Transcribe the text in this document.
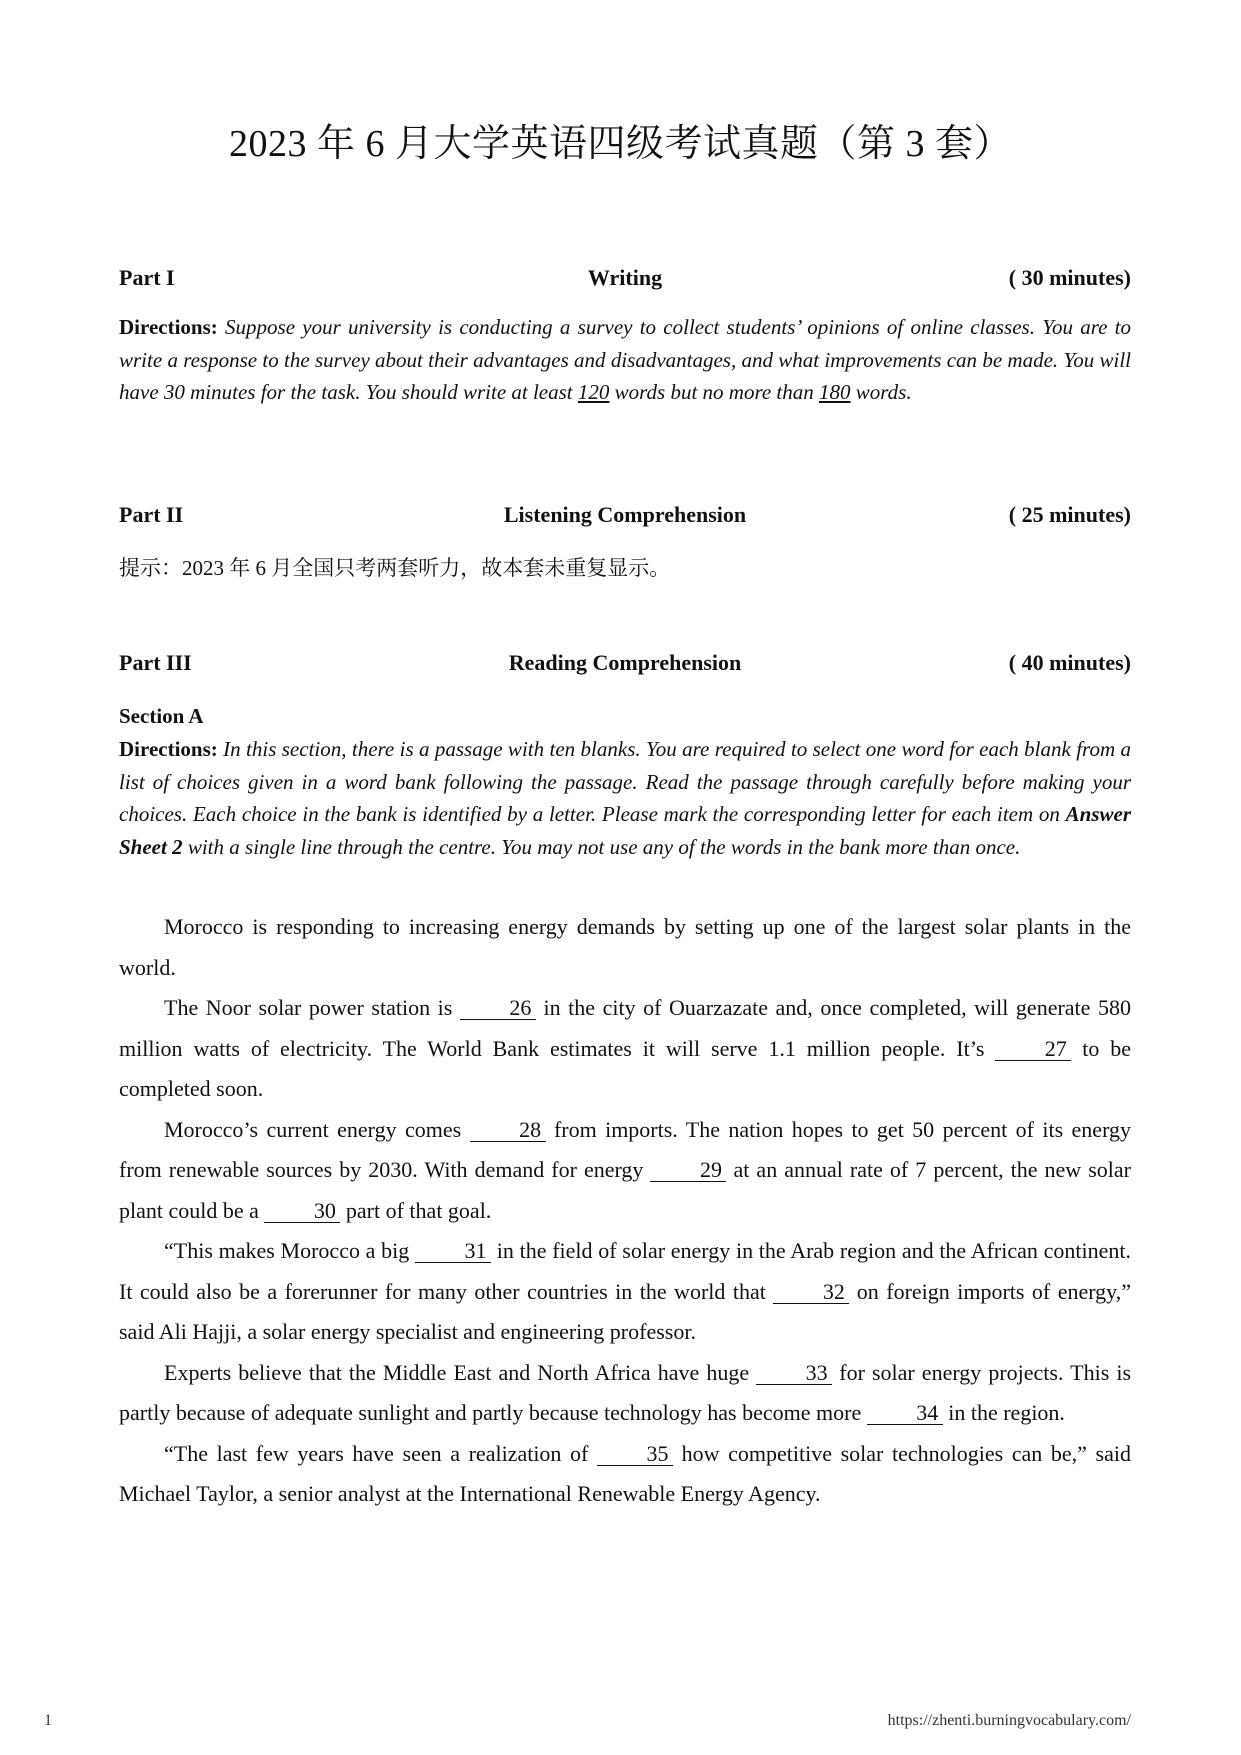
2023 年 6 月大学英语四级考试真题（第 3 套）
Part I	Writing	( 30 minutes)
Directions: Suppose your university is conducting a survey to collect students’ opinions of online classes. You are to write a response to the survey about their advantages and disadvantages, and what improvements can be made. You will have 30 minutes for the task. You should write at least 120 words but no more than 180 words.
Part II	Listening Comprehension	( 25 minutes)
提示：2023 年 6 月全国只考两套听力，故本套未重复显示。
Part III	Reading Comprehension	( 40 minutes)
Section A
Directions: In this section, there is a passage with ten blanks. You are required to select one word for each blank from a list of choices given in a word bank following the passage. Read the passage through carefully before making your choices. Each choice in the bank is identified by a letter. Please mark the corresponding letter for each item on Answer Sheet 2 with a single line through the centre. You may not use any of the words in the bank more than once.

Morocco is responding to increasing energy demands by setting up one of the largest solar plants in the world.

The Noor solar power station is 26 in the city of Ouarzazate and, once completed, will generate 580 million watts of electricity. The World Bank estimates it will serve 1.1 million people. It’s 27 to be completed soon.

Morocco’s current energy comes 28 from imports. The nation hopes to get 50 percent of its energy from renewable sources by 2030. With demand for energy 29 at an annual rate of 7 percent, the new solar plant could be a 30 part of that goal.

“This makes Morocco a big 31 in the field of solar energy in the Arab region and the African continent. It could also be a forerunner for many other countries in the world that 32 on foreign imports of energy,” said Ali Hajji, a solar energy specialist and engineering professor.

Experts believe that the Middle East and North Africa have huge 33 for solar energy projects. This is partly because of adequate sunlight and partly because technology has become more 34 in the region.

“The last few years have seen a realization of 35 how competitive solar technologies can be,” said Michael Taylor, a senior analyst at the International Renewable Energy Agency.

1	https://zhenti.burningvocabulary.com/
